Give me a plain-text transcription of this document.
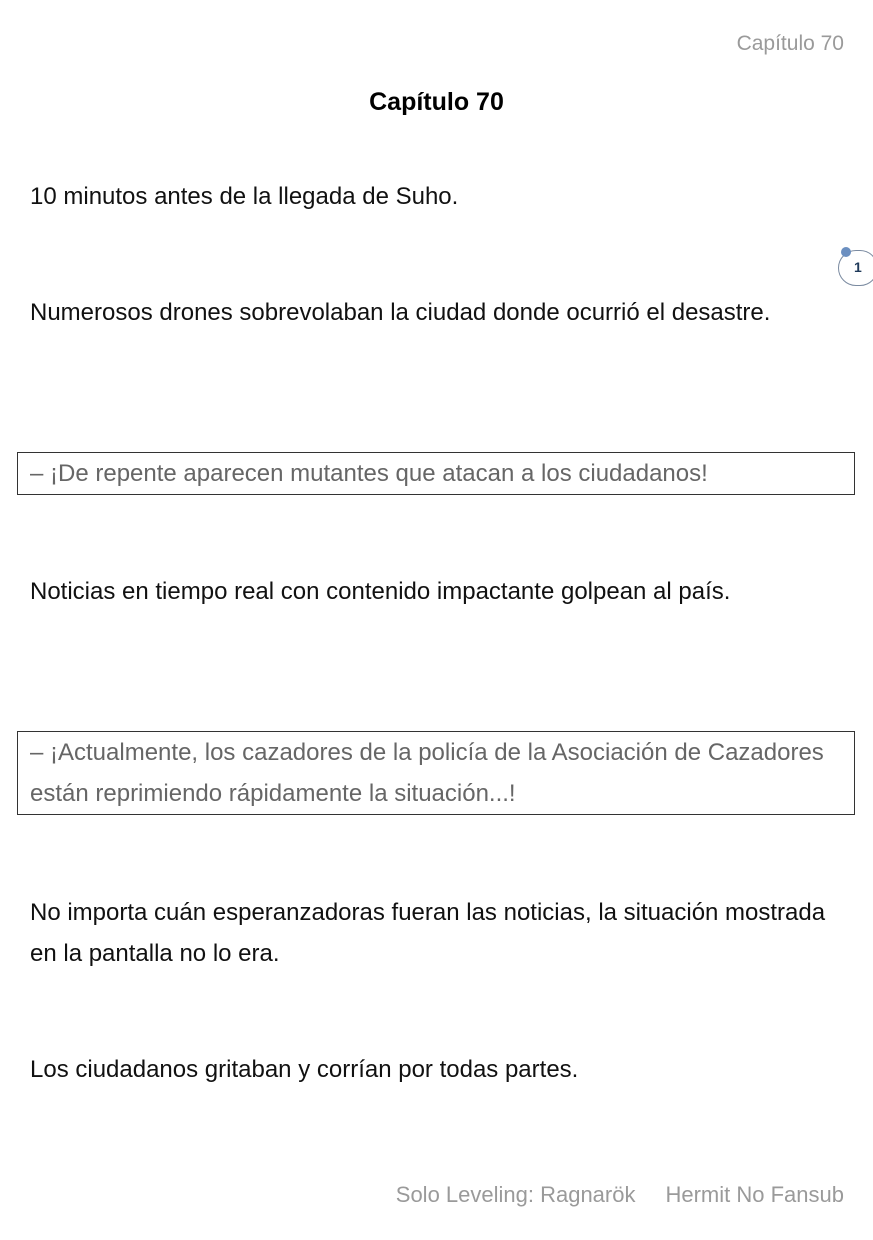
Capítulo 70
Capítulo 70
10 minutos antes de la llegada de Suho.
1
Numerosos drones sobrevolaban la ciudad donde ocurrió el desastre.
– ¡De repente aparecen mutantes que atacan a los ciudadanos!
Noticias en tiempo real con contenido impactante golpean al país.
– ¡Actualmente, los cazadores de la policía de la Asociación de Cazadores están reprimiendo rápidamente la situación...!
No importa cuán esperanzadoras fueran las noticias, la situación mostrada en la pantalla no lo era.
Los ciudadanos gritaban y corrían por todas partes.
Solo Leveling: Ragnarök Hermit No Fansub
